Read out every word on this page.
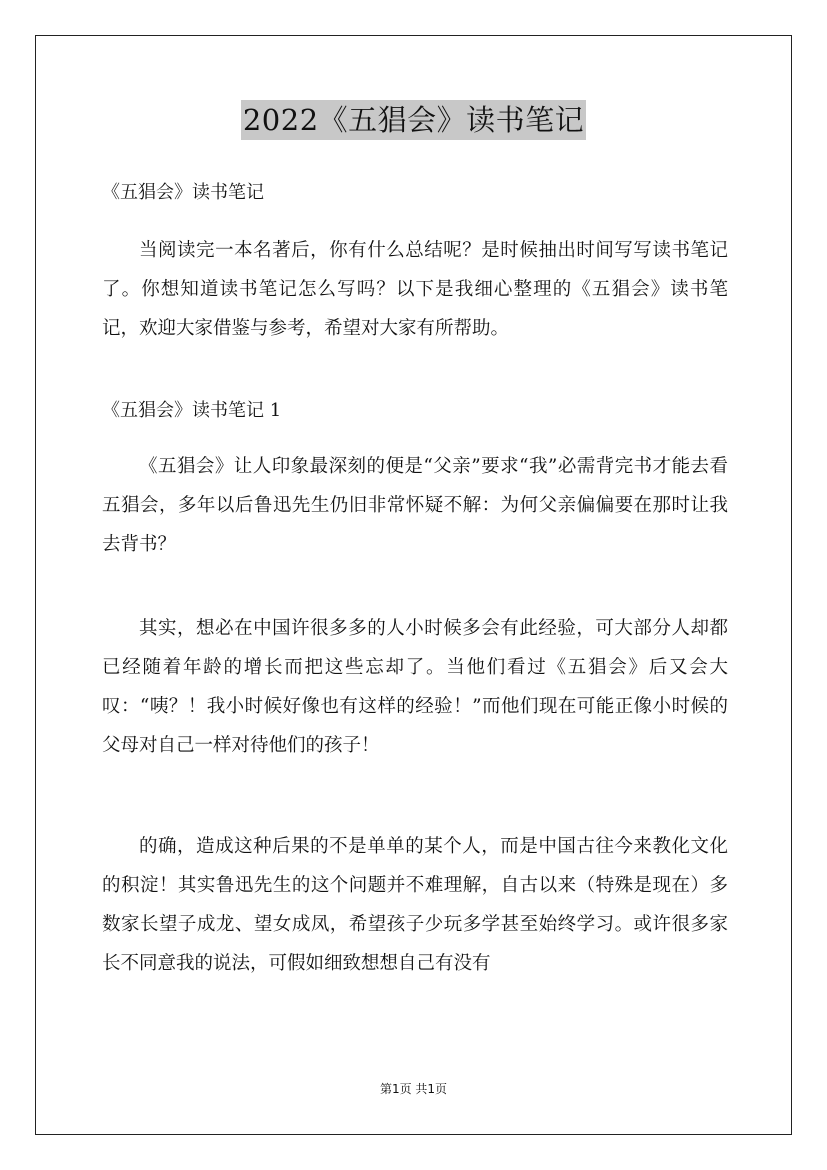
2022《五猖会》读书笔记

《五猖会》读书笔记

当阅读完一本名著后，你有什么总结呢？是时候抽出时间写写读书笔记了。你想知道读书笔记怎么写吗？以下是我细心整理的《五猖会》读书笔记，欢迎大家借鉴与参考，希望对大家有所帮助。

《五猖会》读书笔记 1

《五猖会》让人印象最深刻的便是“父亲”要求“我”必需背完书才能去看五猖会，多年以后鲁迅先生仍旧非常怀疑不解：为何父亲偏偏要在那时让我去背书？

其实，想必在中国许很多多的人小时候多会有此经验，可大部分人却都已经随着年龄的增长而把这些忘却了。当他们看过《五猖会》后又会大叹：“咦？！我小时候好像也有这样的经验！”而他们现在可能正像小时候的父母对自己一样对待他们的孩子！

的确，造成这种后果的不是单单的某个人，而是中国古往今来教化文化的积淀！其实鲁迅先生的这个问题并不难理解，自古以来（特殊是现在）多数家长望子成龙、望女成凤，希望孩子少玩多学甚至始终学习。或许很多家长不同意我的说法，可假如细致想想自己有没有

第1页 共1页
